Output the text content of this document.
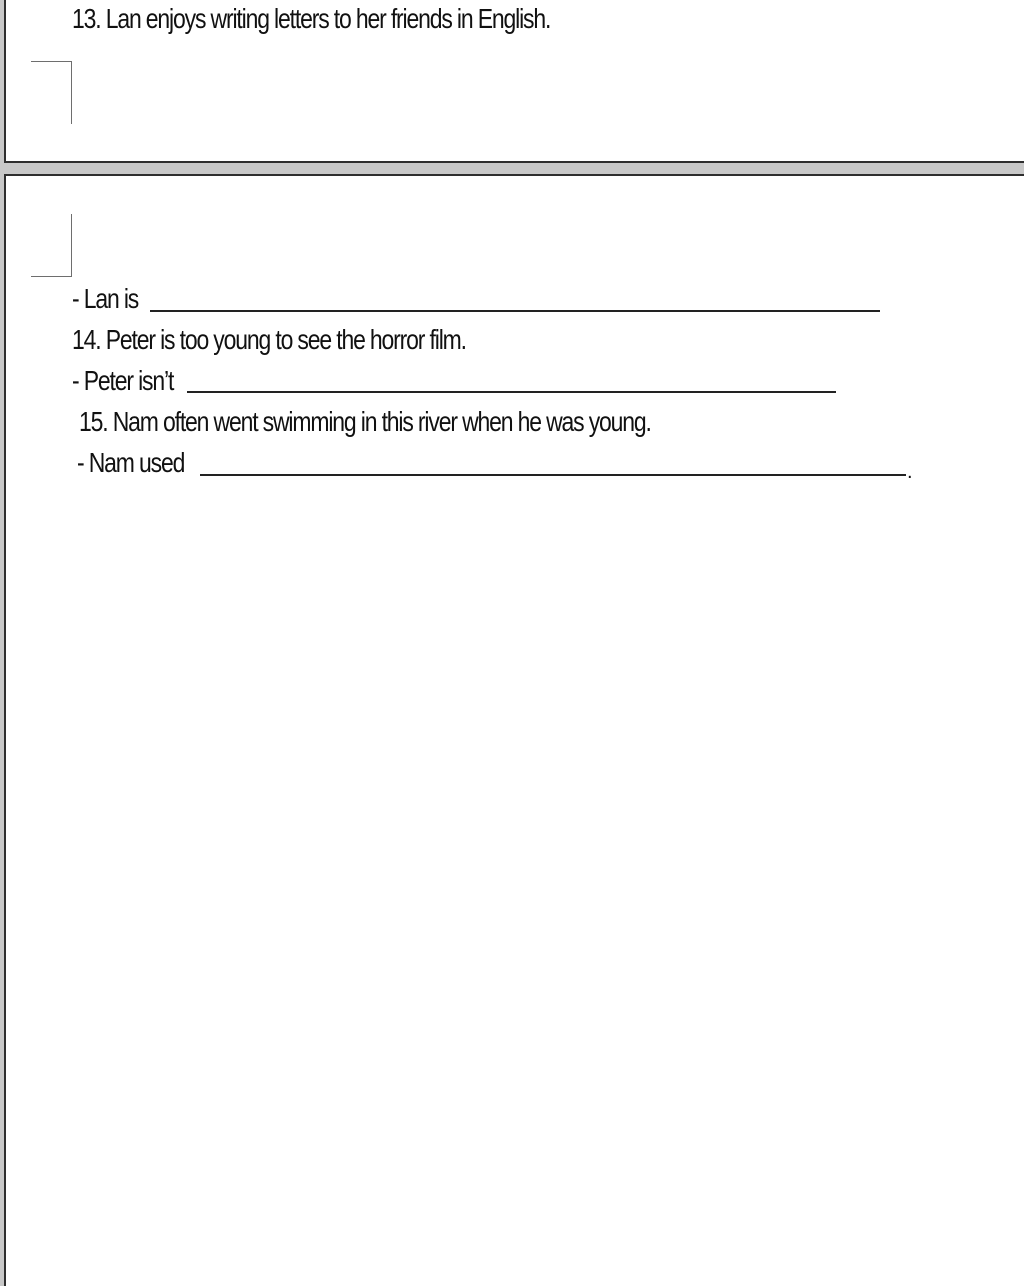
13. Lan enjoys writing letters to her friends in English.
- Lan is
14. Peter is too young to see the horror film.
- Peter isn’t
15. Nam often went swimming in this river when he was young.
- Nam used	.
